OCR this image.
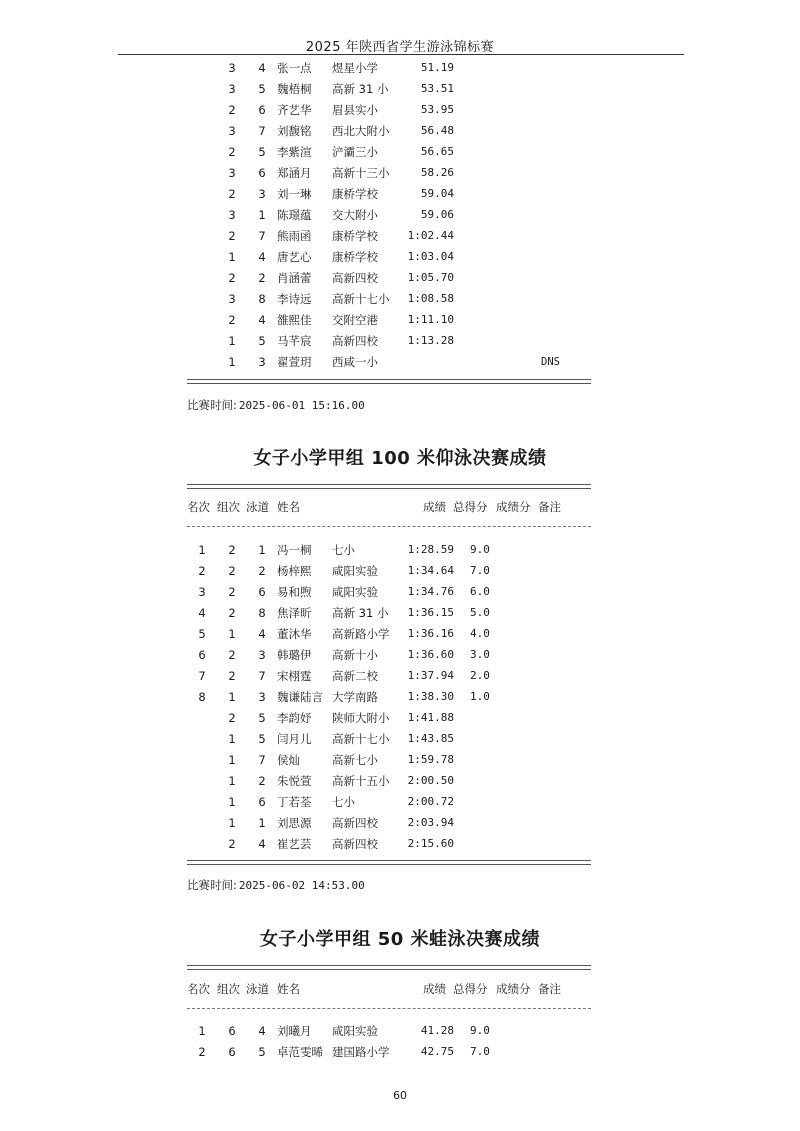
2025 年陕西省学生游泳锦标赛
3 4 张一点 煜星小学	51.19
3 5 魏梧桐 高新 31 小	53.51
2 6 齐艺华 眉县实小	53.95
3 7 刘馥铭 西北大附小	56.48
2 5 李紫渲 浐灞三小	56.65
3 6 郑涵月 高新十三小	58.26
2 3 刘一琳 康桥学校	59.04
3 1 陈璟蕴 交大附小	59.06
2 7 熊雨函 康桥学校	1:02.44
1 4 唐艺心 康桥学校	1:03.04
2 2 肖涵蕾 高新四校	1:05.70
3 8 李诗远 高新十七小	1:08.58
2 4 雒熙佳 交附空港	1:11.10
1 5 马芊宸 高新四校	1:13.28
1 3 翟萱玥 西咸一小	DNS
比赛时间: 2025-06-01 15:16.00
女子小学甲组 100 米仰泳决赛成绩
名次 组次 泳道 姓名	成绩 总得分 成绩分 备注
1 2 1 冯一桐 七小	1:28.59 9.0
2 2 2 杨梓熙 咸阳实验	1:34.64 7.0
3 2 6 易和煦 咸阳实验	1:34.76 6.0
4 2 8 焦泽昕 高新 31 小	1:36.15 5.0
5 1 4 董沐华 高新路小学	1:36.16 4.0
6 2 3 韩璐伊 高新十小	1:36.60 3.0
7 2 7 宋栩霆 高新二校	1:37.94 2.0
8 1 3 魏谦陆言 大学南路	1:38.30 1.0
2 5 李韵妤 陕师大附小	1:41.88
1 5 闫月儿 高新十七小	1:43.85
1 7 侯灿	高新七小	1:59.78
1 2 朱悦萱 高新十五小	2:00.50
1 6 丁若荃 七小	2:00.72
1 1 刘思源 高新四校	2:03.94
2 4 崔艺芸 高新四校	2:15.60
比赛时间: 2025-06-02 14:53.00
女子小学甲组 50 米蛙泳决赛成绩
名次 组次 泳道 姓名	成绩 总得分 成绩分 备注
1 6 4 刘曦月 咸阳实验	41.28 9.0
2 6 5 卓范雯晞 建国路小学	42.75 7.0
60
